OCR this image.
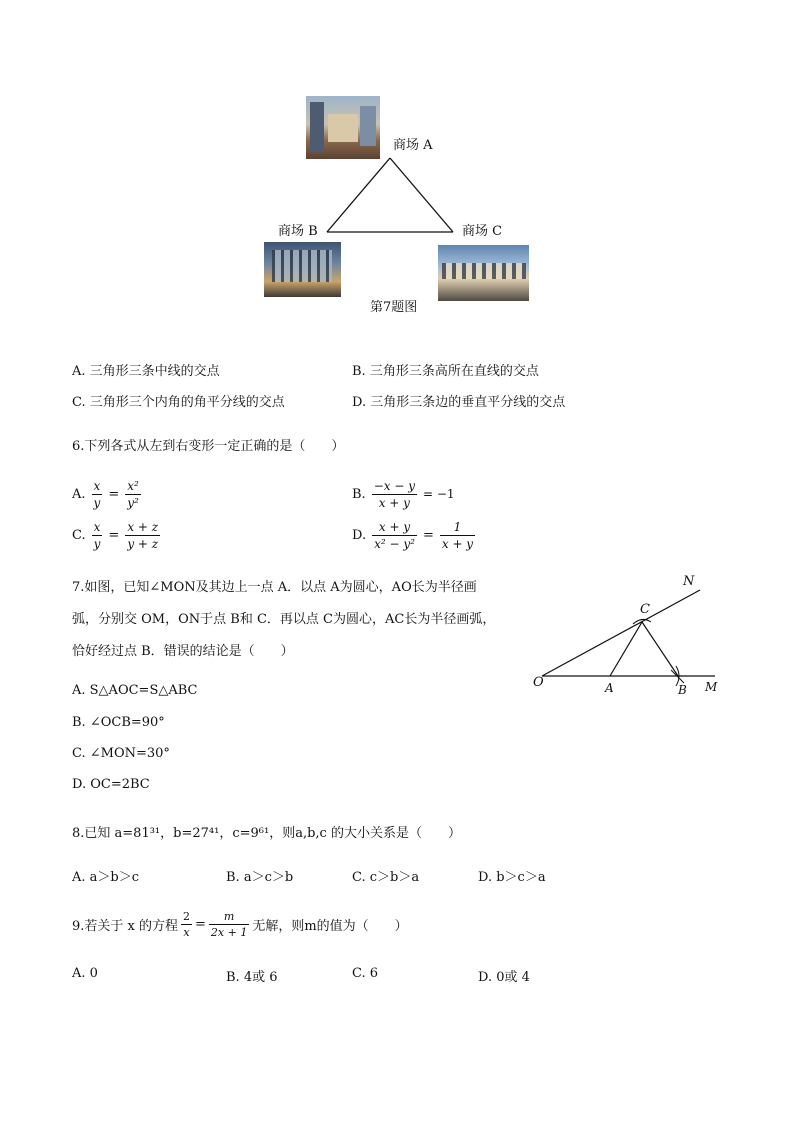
商场 A
商场 B	商场 C
第7题图
A. 三角形三条中线的交点	B. 三角形三条高所在直线的交点
C. 三角形三个内角的角平分线的交点	D. 三角形三条边的垂直平分线的交点
6.下列各式从左到右变形一定正确的是（　　）
A. $\frac{x}{y} = \frac{\text{x²}}{\text{y²}}$	B. $\frac{-x - y}{x + y} = -1$
C. $\frac{x}{y} = \frac{x + z}{y + z}$	D. $\frac{x + y}{\text{x² − y²}} = \frac{1}{x + y}$
7.如图，已知∠MON及其边上一点 A．以点 A为圆心，AO长为半径画
弧，分别交 OM，ON于点 B和 C．再以点 C为圆心，AC长为半径画弧，
恰好经过点 B．错误的结论是（　　）
O	A	B M
C
N
A. S△AOC=S△ABC
B. ∠OCB=90°
C. ∠MON=30°
D. OC=2BC
8.已知 a=81³¹，b=27⁴¹，c=9⁶¹，则a,b,c 的大小关系是（　　）
A. a＞b＞c	B. a＞c＞b	C. c＞b＞a	D. b＞c＞a
9.若关于 x 的方程 $\frac{2}{x} = \frac{m}{2x + 1}$ 无解，则m的值为（　　）
A. 0	B. 4或 6	C. 6	D. 0或 4
